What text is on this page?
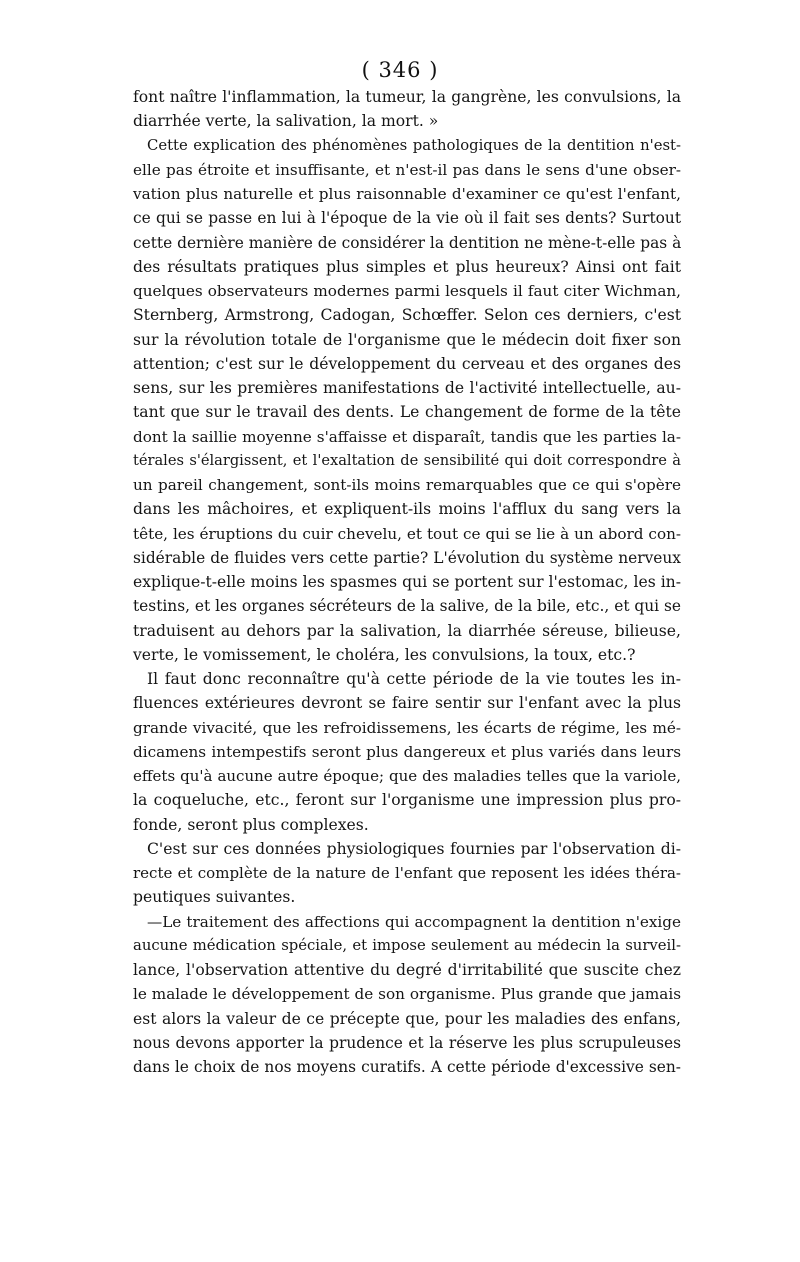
( 346 )
font naître l'inflammation, la tumeur, la gangrène, les convulsions, la
diarrhée verte, la salivation, la mort. »
Cette explication des phénomènes pathologiques de la dentition n'est-
elle pas étroite et insuffisante, et n'est-il pas dans le sens d'une obser-
vation plus naturelle et plus raisonnable d'examiner ce qu'est l'enfant,
ce qui se passe en lui à l'époque de la vie où il fait ses dents? Surtout
cette dernière manière de considérer la dentition ne mène-t-elle pas à
des résultats pratiques plus simples et plus heureux? Ainsi ont fait
quelques observateurs modernes parmi lesquels il faut citer Wichman,
Sternberg, Armstrong, Cadogan, Schœffer. Selon ces derniers, c'est
sur la révolution totale de l'organisme que le médecin doit fixer son
attention; c'est sur le développement du cerveau et des organes des
sens, sur les premières manifestations de l'activité intellectuelle, au-
tant que sur le travail des dents. Le changement de forme de la tête
dont la saillie moyenne s'affaisse et disparaît, tandis que les parties la-
térales s'élargissent, et l'exaltation de sensibilité qui doit correspondre à
un pareil changement, sont-ils moins remarquables que ce qui s'opère
dans les mâchoires, et expliquent-ils moins l'afflux du sang vers la
tête, les éruptions du cuir chevelu, et tout ce qui se lie à un abord con-
sidérable de fluides vers cette partie? L'évolution du système nerveux
explique-t-elle moins les spasmes qui se portent sur l'estomac, les in-
testins, et les organes sécréteurs de la salive, de la bile, etc., et qui se
traduisent au dehors par la salivation, la diarrhée séreuse, bilieuse,
verte, le vomissement, le choléra, les convulsions, la toux, etc.?
Il faut donc reconnaître qu'à cette période de la vie toutes les in-
fluences extérieures devront se faire sentir sur l'enfant avec la plus
grande vivacité, que les refroidissemens, les écarts de régime, les mé-
dicamens intempestifs seront plus dangereux et plus variés dans leurs
effets qu'à aucune autre époque; que des maladies telles que la variole,
la coqueluche, etc., feront sur l'organisme une impression plus pro-
fonde, seront plus complexes.
C'est sur ces données physiologiques fournies par l'observation di-
recte et complète de la nature de l'enfant que reposent les idées théra-
peutiques suivantes.
—Le traitement des affections qui accompagnent la dentition n'exige
aucune médication spéciale, et impose seulement au médecin la surveil-
lance, l'observation attentive du degré d'irritabilité que suscite chez
le malade le développement de son organisme. Plus grande que jamais
est alors la valeur de ce précepte que, pour les maladies des enfans,
nous devons apporter la prudence et la réserve les plus scrupuleuses
dans le choix de nos moyens curatifs. A cette période d'excessive sen-
